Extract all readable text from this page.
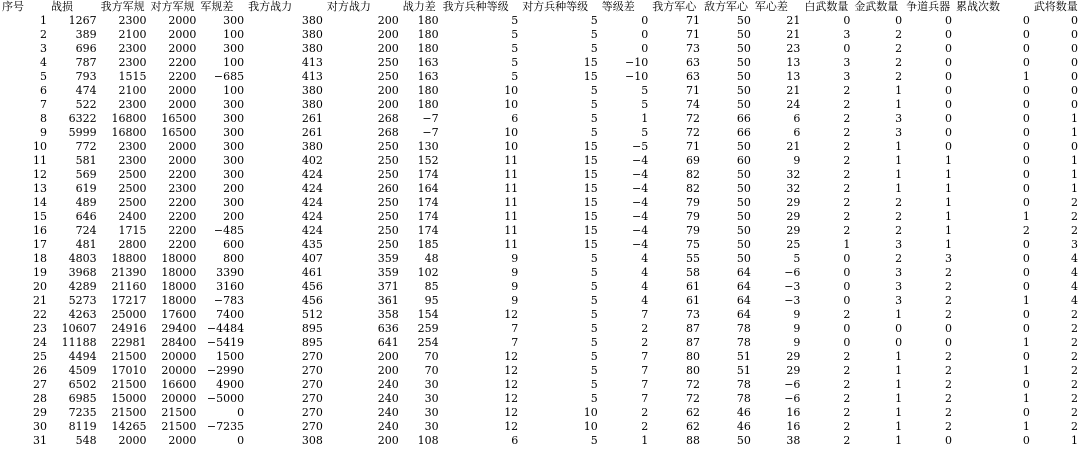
序号	战损	我方军规	对方军规	军规差	我方战力	对方战力	战力差	我方兵种等级	对方兵种等级	等级差	我方军心	敌方军心	军心差	白武数量	金武数量	争道兵器	累战次数	武将数量
1	1267	2300	2000	300	380	200	180	5	5	0	71	50	21	0	0	0	0	0
2	389	2100	2000	100	380	200	180	5	5	0	71	50	21	3	2	0	0	0
3	696	2300	2000	300	380	200	180	5	5	0	73	50	23	0	2	0	0	0
4	787	2300	2200	100	413	250	163	5	15	−10	63	50	13	3	2	0	0	0
5	793	1515	2200	−685	413	250	163	5	15	−10	63	50	13	3	2	0	1	0
6	474	2100	2000	100	380	200	180	10	5	5	71	50	21	2	1	0	0	0
7	522	2300	2000	300	380	200	180	10	5	5	74	50	24	2	1	0	0	0
8	6322	16800	16500	300	261	268	−7	6	5	1	72	66	6	2	3	0	0	1
9	5999	16800	16500	300	261	268	−7	10	5	5	72	66	6	2	3	0	0	1
10	772	2300	2000	300	380	250	130	10	15	−5	71	50	21	2	1	0	0	0
11	581	2300	2000	300	402	250	152	11	15	−4	69	60	9	2	1	1	0	1
12	569	2500	2200	300	424	250	174	11	15	−4	82	50	32	2	1	1	0	1
13	619	2500	2300	200	424	260	164	11	15	−4	82	50	32	2	1	1	0	1
14	489	2500	2200	300	424	250	174	11	15	−4	79	50	29	2	2	1	0	2
15	646	2400	2200	200	424	250	174	11	15	−4	79	50	29	2	2	1	1	2
16	724	1715	2200	−485	424	250	174	11	15	−4	79	50	29	2	2	1	2	2
17	481	2800	2200	600	435	250	185	11	15	−4	75	50	25	1	3	1	0	3
18	4803	18800	18000	800	407	359	48	9	5	4	55	50	5	0	2	3	0	4
19	3968	21390	18000	3390	461	359	102	9	5	4	58	64	−6	0	3	2	0	4
20	4289	21160	18000	3160	456	371	85	9	5	4	61	64	−3	0	3	2	0	4
21	5273	17217	18000	−783	456	361	95	9	5	4	61	64	−3	0	3	2	1	4
22	4263	25000	17600	7400	512	358	154	12	5	7	73	64	9	2	1	2	0	2
23	10607	24916	29400	−4484	895	636	259	7	5	2	87	78	9	0	0	0	0	2
24	11188	22981	28400	−5419	895	641	254	7	5	2	87	78	9	0	0	0	1	2
25	4494	21500	20000	1500	270	200	70	12	5	7	80	51	29	2	1	2	0	2
26	4509	17010	20000	−2990	270	200	70	12	5	7	80	51	29	2	1	2	1	2
27	6502	21500	16600	4900	270	240	30	12	5	7	72	78	−6	2	1	2	0	2
28	6985	15000	20000	−5000	270	240	30	12	5	7	72	78	−6	2	1	2	1	2
29	7235	21500	21500	0	270	240	30	12	10	2	62	46	16	2	1	2	0	2
30	8119	14265	21500	−7235	270	240	30	12	10	2	62	46	16	2	1	2	1	2
31	548	2000	2000	0	308	200	108	6	5	1	88	50	38	2	1	0	0	1
